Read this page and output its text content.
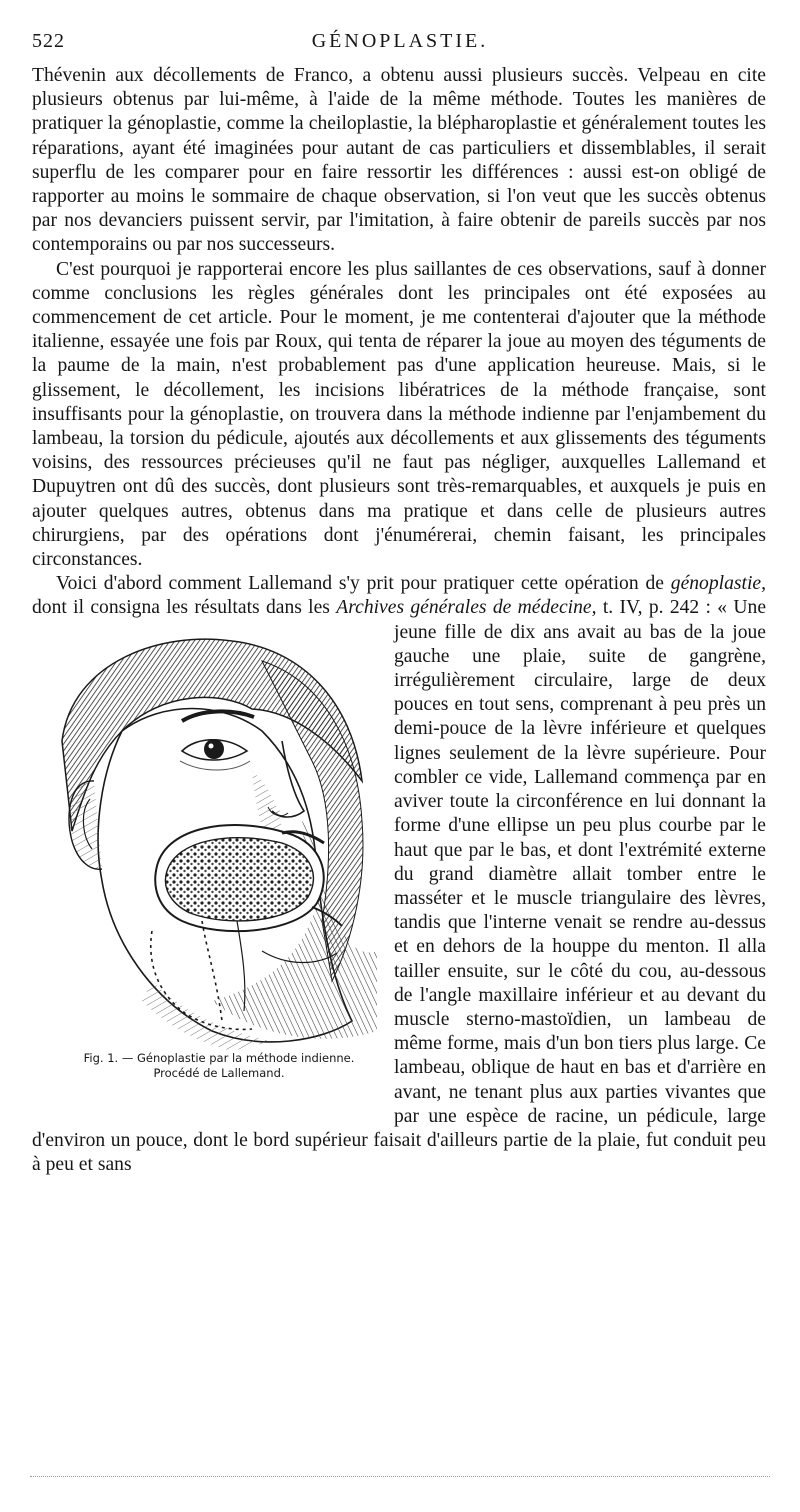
522	GÉNOPLASTIE.

Thévenin aux décollements de Franco, a obtenu aussi plusieurs succès. Velpeau en cite plusieurs obtenus par lui-même, à l'aide de la même méthode. Toutes les manières de pratiquer la génoplastie, comme la cheiloplastie, la blépharoplastie et généralement toutes les réparations, ayant été imaginées pour autant de cas particuliers et dissemblables, il serait superflu de les comparer pour en faire ressortir les différences : aussi est-on obligé de rapporter au moins le sommaire de chaque observation, si l'on veut que les succès obtenus par nos devanciers puissent servir, par l'imitation, à faire obtenir de pareils succès par nos contemporains ou par nos successeurs.

C'est pourquoi je rapporterai encore les plus saillantes de ces observations, sauf à donner comme conclusions les règles générales dont les principales ont été exposées au commencement de cet article. Pour le moment, je me contenterai d'ajouter que la méthode italienne, essayée une fois par Roux, qui tenta de réparer la joue au moyen des téguments de la paume de la main, n'est probablement pas d'une application heureuse. Mais, si le glissement, le décollement, les incisions libératrices de la méthode française, sont insuffisants pour la génoplastie, on trouvera dans la méthode indienne par l'enjambement du lambeau, la torsion du pédicule, ajoutés aux décollements et aux glissements des téguments voisins, des ressources précieuses qu'il ne faut pas négliger, auxquelles Lallemand et Dupuytren ont dû des succès, dont plusieurs sont très-remarquables, et auxquels je puis en ajouter quelques autres, obtenus dans ma pratique et dans celle de plusieurs autres chirurgiens, par des opérations dont j'énumérerai, chemin faisant, les principales circonstances.

Voici d'abord comment Lallemand s'y prit pour pratiquer cette opération de génoplastie, dont il consigna les résultats dans les Archives générales de médecine,
Fig. 1. — Génoplastie par la méthode indienne.
Procédé de Lallemand.
t. IV, p. 242 : « Une jeune fille de dix ans avait au bas de la joue gauche une plaie, suite de gangrène, irrégulièrement circulaire, large de deux pouces en tout sens, comprenant à peu près un demi-pouce de la lèvre inférieure et quelques lignes seulement de la lèvre supérieure. Pour combler ce vide, Lallemand commença par en aviver toute la circonférence en lui donnant la forme d'une ellipse un peu plus courbe par le haut que par le bas, et dont l'extrémité externe du grand diamètre allait tomber entre le masséter et le muscle triangulaire des lèvres, tandis que l'interne venait se rendre au-dessus et en dehors de la houppe du menton. Il alla tailler ensuite, sur le côté du cou, au-dessous de l'angle maxillaire inférieur et au devant du muscle sterno-mastoïdien, un lambeau de même forme, mais d'un bon tiers plus large. Ce lambeau, oblique de haut en bas et d'arrière en avant, ne tenant plus aux parties vivantes que par une espèce de racine, un pédicule, large d'environ un pouce, dont le bord supérieur faisait d'ailleurs partie de la plaie, fut conduit peu à peu et sans
